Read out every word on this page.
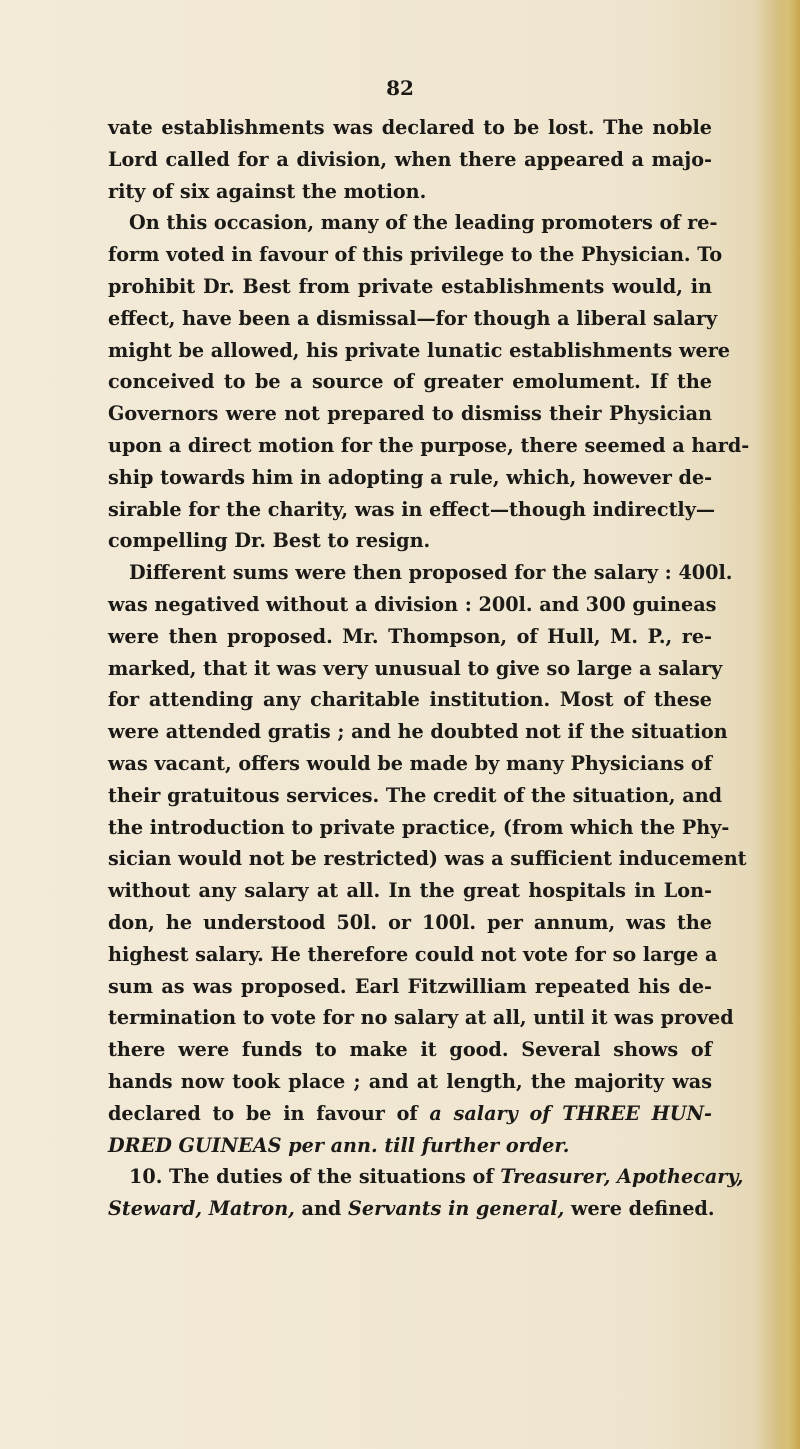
82
vate establishments was declared to be lost. The noble
Lord called for a division, when there appeared a majo-
rity of six against the motion.
On this occasion, many of the leading promoters of re-
form voted in favour of this privilege to the Physician. To
prohibit Dr. Best from private establishments would, in
effect, have been a dismissal—for though a liberal salary
might be allowed, his private lunatic establishments were
conceived to be a source of greater emolument. If the
Governors were not prepared to dismiss their Physician
upon a direct motion for the purpose, there seemed a hard-
ship towards him in adopting a rule, which, however de-
sirable for the charity, was in effect—though indirectly—
compelling Dr. Best to resign.
Different sums were then proposed for the salary : 400l.
was negatived without a division : 200l. and 300 guineas
were then proposed. Mr. Thompson, of Hull, M. P., re-
marked, that it was very unusual to give so large a salary
for attending any charitable institution. Most of these
were attended gratis ; and he doubted not if the situation
was vacant, offers would be made by many Physicians of
their gratuitous services. The credit of the situation, and
the introduction to private practice, (from which the Phy-
sician would not be restricted) was a sufficient inducement
without any salary at all. In the great hospitals in Lon-
don, he understood 50l. or 100l. per annum, was the
highest salary. He therefore could not vote for so large a
sum as was proposed. Earl Fitzwilliam repeated his de-
termination to vote for no salary at all, until it was proved
there were funds to make it good. Several shows of
hands now took place ; and at length, the majority was
declared to be in favour of a salary of THREE HUN-
DRED GUINEAS per ann. till further order.
10. The duties of the situations of Treasurer, Apothecary,
Steward, Matron, and Servants in general, were defined.
